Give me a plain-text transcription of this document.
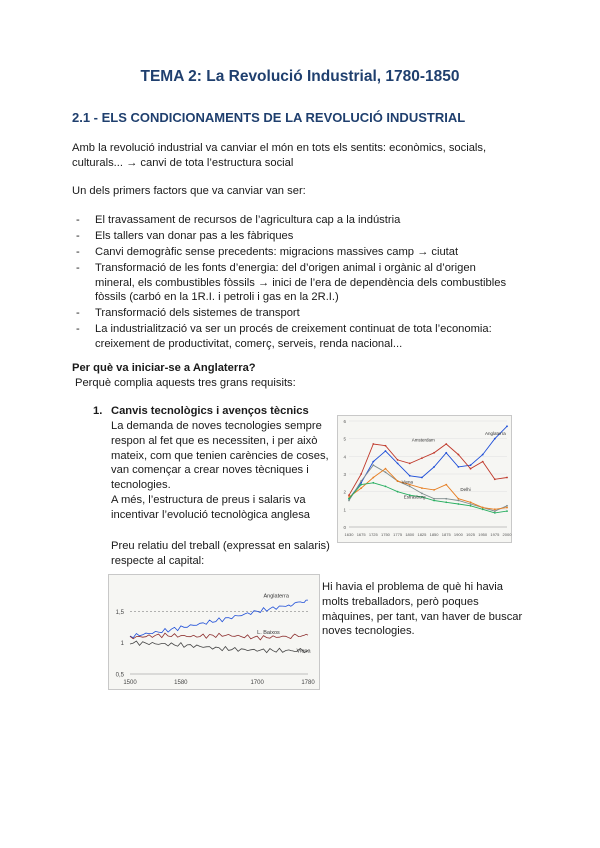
TEMA 2: La Revolució Industrial, 1780-1850
2.1 - ELS CONDICIONAMENTS DE LA REVOLUCIÓ INDUSTRIAL
Amb la revolució industrial va canviar el món en tots els sentits: econòmics, socials,
culturals... → canvi de tota l’estructura social
Un dels primers factors que va canviar van ser:
- El travassament de recursos de l’agricultura cap a la indústria
- Els tallers van donar pas a les fàbriques
- Canvi demogràfic sense precedents: migracions massives camp → ciutat
- Transformació de les fonts d’energia: del d’origen animal i orgànic al d’origen
mineral, els combustibles fòssils → inici de l’era de dependència dels combustibles
fòssils (carbó en la 1R.I. i petroli i gas en la 2R.I.)
- Transformació dels sistemes de transport
- La industrialització va ser un procés de creixement continuat de tota l’economia:
creixement de productivitat, comerç, serveis, renda nacional...
Per què va iniciar-se a Anglaterra?
Perquè complia aquests tres grans requisits:
1. Canvis tecnològics i avenços tècnics
La demanda de noves tecnologies sempre
respon al fet que es necessiten, i per això
mateix, com que tenien carències de coses,
van començar a crear noves tècniques i
tecnologies.
A més, l’estructura de preus i salaris va
incentivar l’evolució tecnològica anglesa
Preu relatiu del treball (expressat en salaris)
respecte al capital:
0
1
2
3
4
5
6
1630 1675 1725 1750 1775 1800 1825 1850 1875 1900 1925 1950 1975 2000
Anglaterra
Amsterdam
Viena
Delhi
Estrasburg
0,5
1
1,5
1500	1580	1700	1780
Anglaterra
L. Baixos
Viena
Hi havia el problema de què hi havia
molts treballadors, però poques
màquines, per tant, van haver de buscar
noves tecnologies.
